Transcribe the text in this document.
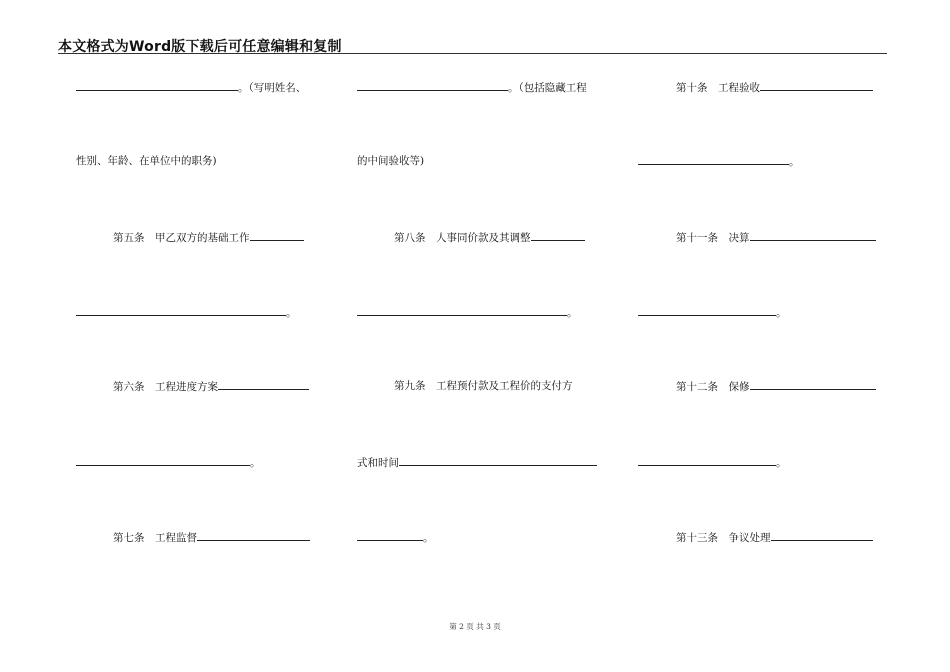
本文格式为Word版下载后可任意编辑和复制
。（写明姓名、
性别、年龄、在单位中的职务)
第五条　甲乙双方的基础工作
。
第六条　工程进度方案
。
第七条　工程监督
。（包括隐藏工程
的中间验收等)
第八条　人事同价款及其调整
。
第九条　工程预付款及工程价的支付方
式和时间
。
第十条　工程验收
。
第十一条　决算
。
第十二条　保修
。
第十三条　争议处理
第 2 页 共 3 页
